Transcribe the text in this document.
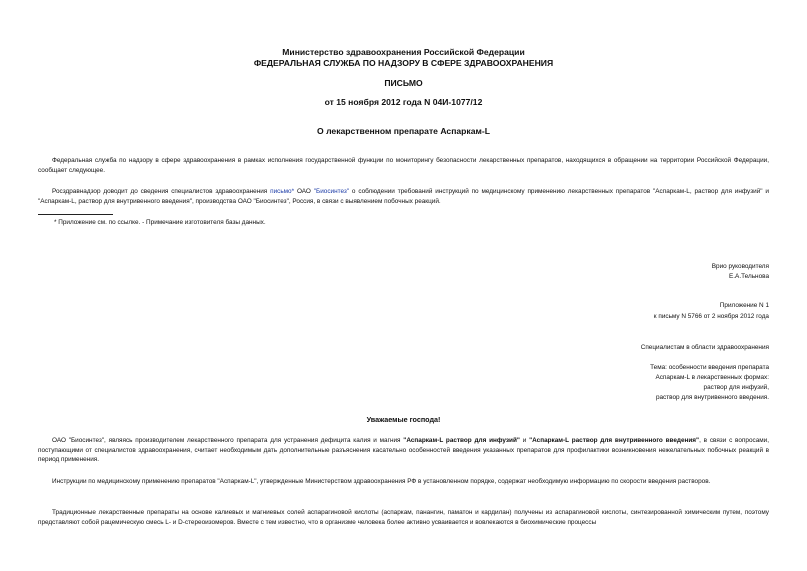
Министерство здравоохранения Российской Федерации
ФЕДЕРАЛЬНАЯ СЛУЖБА ПО НАДЗОРУ В СФЕРЕ ЗДРАВООХРАНЕНИЯ
ПИСЬМО
от 15 ноября 2012 года N 04И-1077/12
О лекарственном препарате Аспаркам-L

Федеральная служба по надзору в сфере здравоохранения в рамках исполнения государственной функции по мониторингу безопасности лекарственных препаратов, находящихся в обращении на территории Российской Федерации, сообщает следующее.

Росздравнадзор доводит до сведения специалистов здравоохранения письмо* ОАО "Биосинтез" о соблюдении требований инструкций по медицинскому применению лекарственных препаратов "Аспаркам-L, раствор для инфузий" и "Аспаркам-L, раствор для внутривенного введения", производства ОАО "Биосинтез", Россия, в связи с выявлением побочных реакций.

* Приложение см. по ссылке. - Примечание изготовителя базы данных.

Врио руководителя
Е.А.Тельнова
Приложение N 1
к письму N 5766 от 2 ноября 2012 года
Специалистам в области здравоохранения
Тема: особенности введения препарата
Аспаркам-L в лекарственных формах:
раствор для инфузий,
раствор для внутривенного введения.
Уважаемые господа!

ОАО "Биосинтез", являясь производителем лекарственного препарата для устранения дефицита калия и магния "Аспаркам-L раствор для инфузий" и "Аспаркам-L раствор для внутривенного введения", в связи с вопросами, поступающими от специалистов здравоохранения, считает необходимым дать дополнительные разъяснения касательно особенностей введения указанных препаратов для профилактики возникновения нежелательных побочных реакций в период применения.

Инструкции по медицинскому применению препаратов "Аспаркам-L", утвержденные Министерством здравоохранения РФ в установленном порядке, содержат необходимую информацию по скорости введения растворов.

Традиционные лекарственные препараты на основе калиевых и магниевых солей аспарагиновой кислоты (аспаркам, панангин, паматон и кардилан) получены из аспарагиновой кислоты, синтезированной химическим путем, поэтому представляют собой рацемическую смесь L- и D-стереоизомеров. Вместе с тем известно, что в организме человека более активно усваивается и вовлекаются в биохимические процессы
